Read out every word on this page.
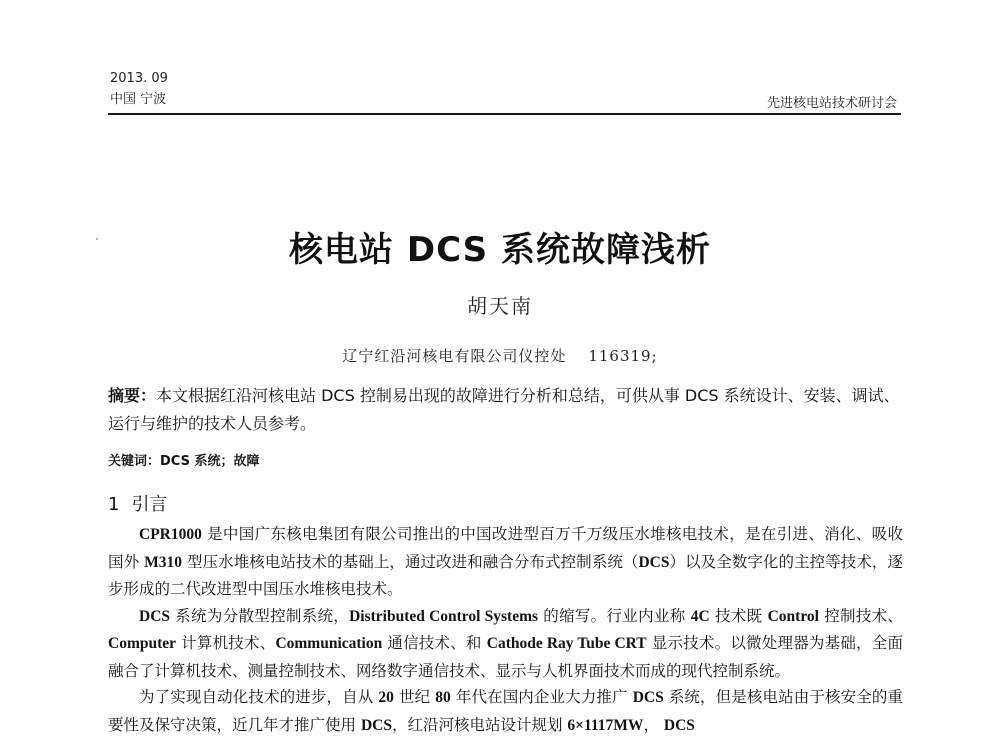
2013. 09
中国 宁波	先进核电站技术研讨会
核电站 DCS 系统故障浅析
胡天南
辽宁红沿河核电有限公司仪控处 116319;
摘要：本文根据红沿河核电站 DCS 控制易出现的故障进行分析和总结，可供从事 DCS 系统设计、安装、调试、运行与维护的技术人员参考。
关键词：DCS 系统；故障
1 引言

CPR1000 是中国广东核电集团有限公司推出的中国改进型百万千万级压水堆核电技术，是在引进、消化、吸收国外 M310 型压水堆核电站技术的基础上，通过改进和融合分布式控制系统（DCS）以及全数字化的主控等技术，逐步形成的二代改进型中国压水堆核电技术。

DCS 系统为分散型控制系统，Distributed Control Systems 的缩写。行业内业称 4C 技术既 Control 控制技术、Computer 计算机技术、Communication 通信技术、和 Cathode Ray Tube CRT 显示技术。以微处理器为基础，全面融合了计算机技术、测量控制技术、网络数字通信技术、显示与人机界面技术而成的现代控制系统。

为了实现自动化技术的进步，自从 20 世纪 80 年代在国内企业大力推广 DCS 系统，但是核电站由于核安全的重要性及保守决策，近几年才推广使用 DCS，红沿河核电站设计规划 6×1117MW， DCS
